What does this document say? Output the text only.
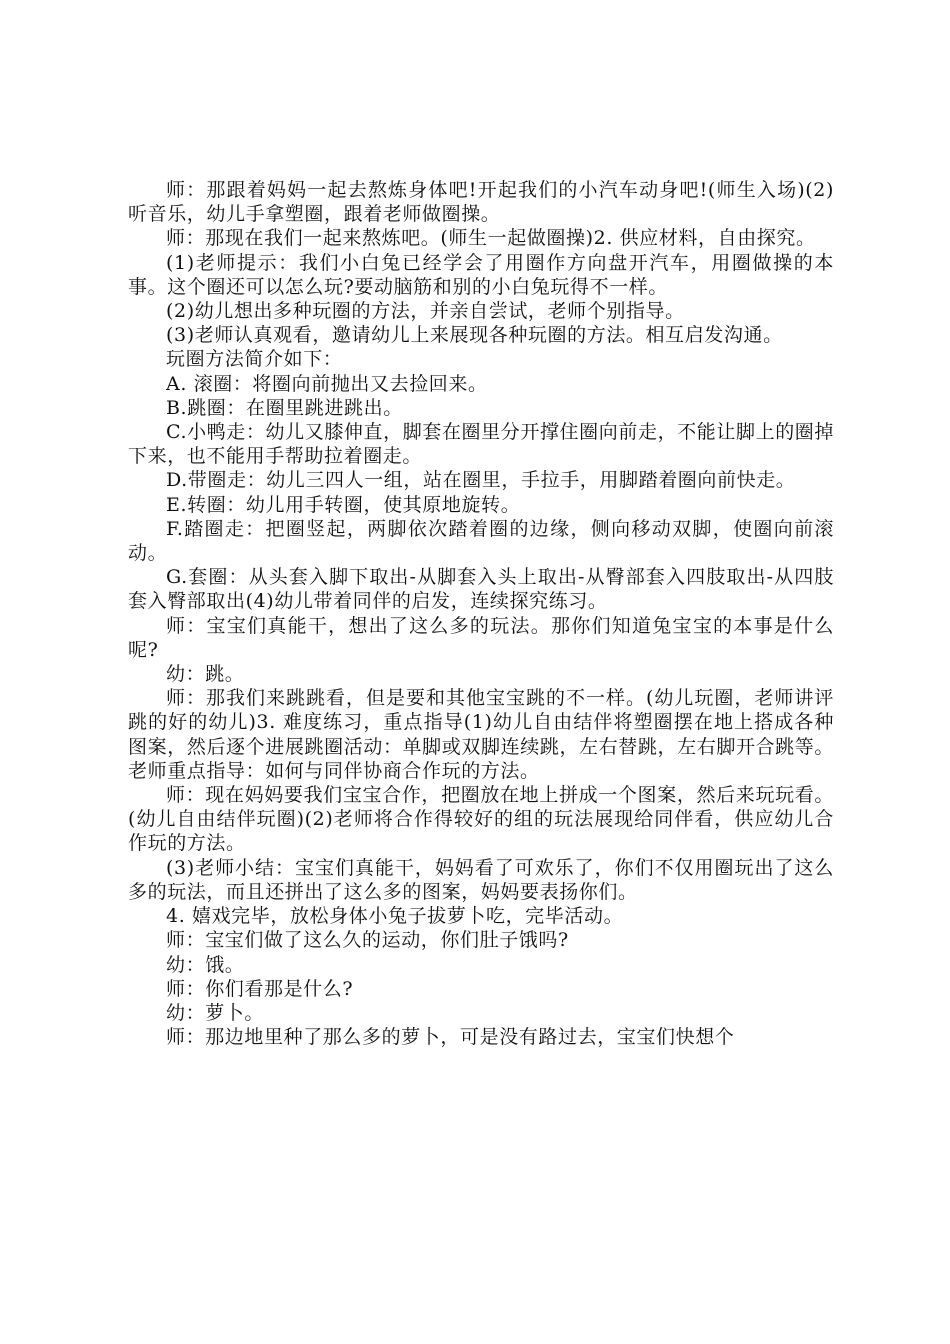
师：那跟着妈妈一起去熬炼身体吧!开起我们的小汽车动身吧!(师生入场)(2)听音乐，幼儿手拿塑圈，跟着老师做圈操。

师：那现在我们一起来熬炼吧。(师生一起做圈操)2. 供应材料，自由探究。

(1)老师提示：我们小白兔已经学会了用圈作方向盘开汽车，用圈做操的本事。这个圈还可以怎么玩?要动脑筋和别的小白兔玩得不一样。

(2)幼儿想出多种玩圈的方法，并亲自尝试，老师个别指导。

(3)老师认真观看，邀请幼儿上来展现各种玩圈的方法。相互启发沟通。

玩圈方法简介如下：

A. 滚圈：将圈向前抛出又去捡回来。

B.跳圈：在圈里跳进跳出。

C.小鸭走：幼儿又膝伸直，脚套在圈里分开撑住圈向前走，不能让脚上的圈掉下来，也不能用手帮助拉着圈走。

D.带圈走：幼儿三四人一组，站在圈里，手拉手，用脚踏着圈向前快走。

E.转圈：幼儿用手转圈，使其原地旋转。

F.踏圈走：把圈竖起，两脚依次踏着圈的边缘，侧向移动双脚，使圈向前滚动。

G.套圈：从头套入脚下取出-从脚套入头上取出-从臀部套入四肢取出-从四肢套入臀部取出(4)幼儿带着同伴的启发，连续探究练习。

师：宝宝们真能干，想出了这么多的玩法。那你们知道兔宝宝的本事是什么呢?

幼：跳。

师：那我们来跳跳看，但是要和其他宝宝跳的不一样。(幼儿玩圈，老师讲评跳的好的幼儿)3. 难度练习，重点指导(1)幼儿自由结伴将塑圈摆在地上搭成各种图案，然后逐个进展跳圈活动：单脚或双脚连续跳，左右替跳，左右脚开合跳等。老师重点指导：如何与同伴协商合作玩的方法。

师：现在妈妈要我们宝宝合作，把圈放在地上拼成一个图案，然后来玩玩看。(幼儿自由结伴玩圈)(2)老师将合作得较好的组的玩法展现给同伴看，供应幼儿合作玩的方法。

(3)老师小结：宝宝们真能干，妈妈看了可欢乐了，你们不仅用圈玩出了这么多的玩法，而且还拼出了这么多的图案，妈妈要表扬你们。

4. 嬉戏完毕，放松身体小兔子拔萝卜吃，完毕活动。

师：宝宝们做了这么久的运动，你们肚子饿吗?

幼：饿。

师：你们看那是什么?

幼：萝卜。

师：那边地里种了那么多的萝卜，可是没有路过去，宝宝们快想个
